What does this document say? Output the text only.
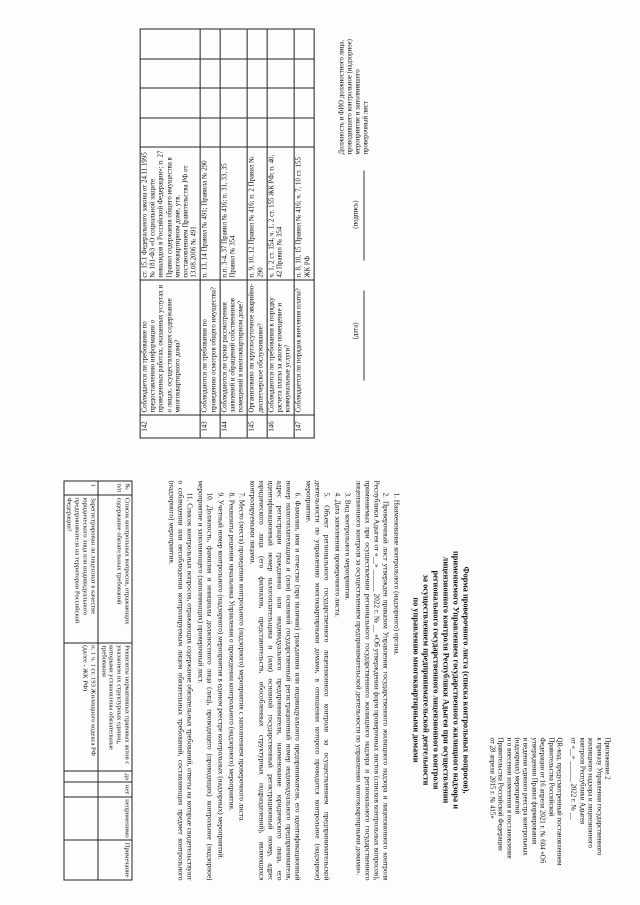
142	Соблюдается ли требование по предоставлению информации о проведенных работах, оказанных услугах и о лицах, осуществляющих содержание многоквартирного дома?	ст. 15.1 Федерального закона от 24.11.1995 № 181-ФЗ «О социальной защите инвалидов в Российской Федерации»; п. 27 Правил содержания общего имущества в многоквартирном доме, утв. постановлением Правительства РФ от 13.08.2006 № 491				
143	Соблюдаются ли требования по проведению осмотров общего имущества?	п. 13, 14 Правил № 491; Правила № 290				
144	Соблюдаются ли сроки рассмотрения заявлений и обращений собственников помещений в многоквартирном доме?	п.п. 3-4, 37 Правил № 416; п. 31, 33, 35 Правил № 354				
145	Организовано ли круглосуточное аварийно-диспетчерское обслуживание?	п. 9, 10, 12 Правил № 416; п. 2 Правил № 290				
146	Соблюдаются ли требования к порядку расчета платы за жилое помещение и коммунальные услуги?	ч. 1, 2 ст. 154, ч. 1, 2 ст. 155 ЖК РФ; п. 40, 42 Правил № 354				
147	Соблюдается ли порядок внесения платы?	п. 8, 10, 15 Правил № 416; ч. 7, 10 ст. 155 ЖК РФ				
Должность и ФИО должностного лица, проводившего контрольное (надзорное) мероприятие и заполнившего проверочный лист
(подпись)
(дата)
Приложение 2
к приказу Управления государственного
жилищного надзора и лицензионного
контроля Республики Адыгея
от «__» ______ 2022 г. № __
QR-код, предусмотренный постановлением Правительства Российской
Федерации от 16 апреля 2021 г. № 604 «Об утверждении Правил формирования
и ведения единого реестра контрольных (надзорных) мероприятий
и о внесении изменения в постановление Правительства Российской Федерации
от 28 апреля 2015 г. № 415»
Форма проверочного листа (списка контрольных вопросов),
применяемого Управлением государственного жилищного надзора и
лицензионного контроля Республики Адыгея при осуществлении
регионального государственного лицензионного контроля
за осуществлением предпринимательской деятельности
по управлению многоквартирными домами

1. Наименование контрольного (надзорного) органа.

2. Проверочный лист утвержден приказом Управления государственного жилищного надзора и лицензионного контроля Республики Адыгея от «__» ______ 2022 г. № __ «Об утверждении форм проверочных листов (списков контрольных вопросов), применяемых при осуществлении регионального государственного жилищного надзора и регионального государственного лицензионного контроля за осуществлением предпринимательской деятельности по управлению многоквартирными домами».

3. Вид контрольного мероприятия.

4. Дата заполнения проверочного листа.

5. Объект регионального государственного лицензионного контроля за осуществлением предпринимательской деятельности по управлению многоквартирными домами, в отношении которого проводится контрольное (надзорное) мероприятие.

6. Фамилия, имя и отчество (при наличии) гражданина или индивидуального предпринимателя, его идентификационный номер налогоплательщика и (или) основной государственный регистрационный номер индивидуального предпринимателя, адрес регистрации гражданина или индивидуального предпринимателя, наименование юридического лица, его идентификационный номер налогоплательщика и (или) основной государственный регистрационный номер, адрес юридического лица (его филиалов, представительств, обособленных структурных подразделений), являющихся контролируемыми лицами.

7. Место (места) проведения контрольного (надзорного) мероприятия с заполнением проверочного листа.

8. Реквизиты решения начальника Управления о проведении контрольного (надзорного) мероприятия.

9. Учетный номер контрольного (надзорного) мероприятия в едином реестре контрольных (надзорных) мероприятий.

10. Должность, фамилия и инициалы должностного лица (лиц), проводящего (проводящих) контрольное (надзорное) мероприятие и заполняющего (заполняющих) проверочный лист.

11. Список контрольных вопросов, отражающих содержание обязательных требований, ответы на которые свидетельствуют о соблюдении или несоблюдении контролируемым лицом обязательных требований, составляющих предмет контрольного (надзорного) мероприятия.

№ п/п	Список контрольных вопросов, отражающих содержание обязательных требований	Реквизиты нормативных правовых актов с указанием их структурных единиц, которыми установлены обязательные требования	да	нет	неприменимо	Примечание
1	Зарегистрирован ли лицензиат в качестве юридического лица или индивидуального предпринимателя на территории Российской Федерации?	п. 1 ч. 1 ст. 193 Жилищного кодекса РФ (далее - ЖК РФ)				
